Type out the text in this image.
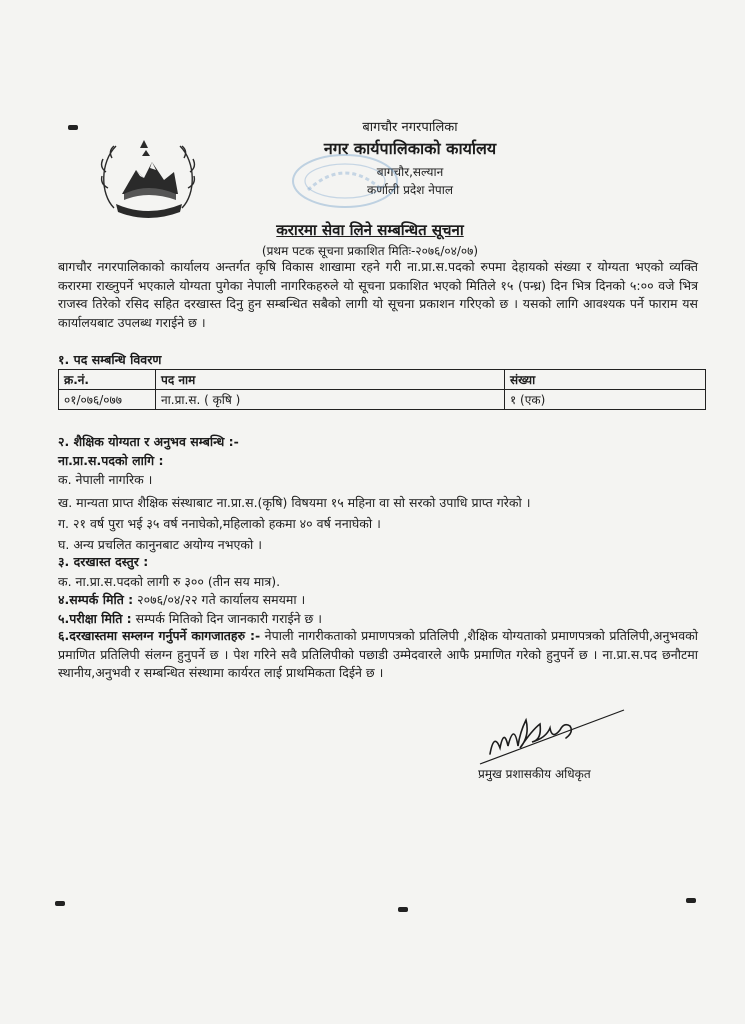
बागचौर नगरपालिका
नगर कार्यपालिकाको कार्यालय
बागचौर,सल्यान
कर्णाली प्रदेश नेपाल
करारमा सेवा लिने सम्बन्धित सूचना
(प्रथम पटक सूचना प्रकाशित मितिः-२०७६/०४/०७)
बागचौर नगरपालिकाको कार्यालय अन्तर्गत कृषि विकास शाखामा रहने गरी ना.प्रा.स.पदको रुपमा देहायको संख्या र योग्यता भएको व्यक्ति करारमा राख्नुपर्ने भएकाले योग्यता पुगेका नेपाली नागरिकहरुले यो सूचना प्रकाशित भएको मितिले १५ (पन्ध्र) दिन भित्र दिनको ५:०० वजे भित्र राजस्व तिरेको रसिद सहित दरखास्त दिनु हुन सम्बन्धित सबैको लागी यो सूचना प्रकाशन गरिएको छ । यसको लागि आवश्यक पर्ने फाराम यस कार्यालयबाट उपलब्ध गराईने छ ।
१. पद सम्बन्धि विवरण
क्र.नं.	पद नाम	संख्या
०१/०७६/०७७	ना.प्रा.स. ( कृषि )	१ (एक)
२. शैक्षिक योग्यता र अनुभव सम्बन्धि :-
ना.प्रा.स.पदको लागि :
क. नेपाली नागरिक ।
ख. मान्यता प्राप्त शैक्षिक संस्थाबाट ना.प्रा.स.(कृषि) विषयमा १५ महिना वा सो सरको उपाधि प्राप्त गरेको ।
ग. २१ वर्ष पुरा भई ३५ वर्ष ननाघेको,महिलाको हकमा ४० वर्ष ननाघेको ।
घ. अन्य प्रचलित कानुनबाट अयोग्य नभएको ।
३. दरखास्त दस्तुर :
क. ना.प्रा.स.पदको लागी रु ३०० (तीन सय मात्र).
४.सम्पर्क मिति : २०७६/०४/२२ गते कार्यालय समयमा ।
५.परीक्षा मिति : सम्पर्क मितिको दिन जानकारी गराईने छ ।
६.दरखास्तमा सम्लग्न गर्नुपर्ने कागजातहरु :- नेपाली नागरीकताको प्रमाणपत्रको प्रतिलिपी ,शैक्षिक योग्यताको प्रमाणपत्रको प्रतिलिपी,अनुभवको प्रमाणित प्रतिलिपी संलग्न हुनुपर्ने छ । पेश गरिने सवै प्रतिलिपीको पछाडी उम्मेदवारले आफै प्रमाणित गरेको हुनुपर्ने छ । ना.प्रा.स.पद छनौटमा स्थानीय,अनुभवी र सम्बन्धित संस्थामा कार्यरत लाई प्राथमिकता दिईने छ ।
प्रमुख प्रशासकीय अधिकृत
